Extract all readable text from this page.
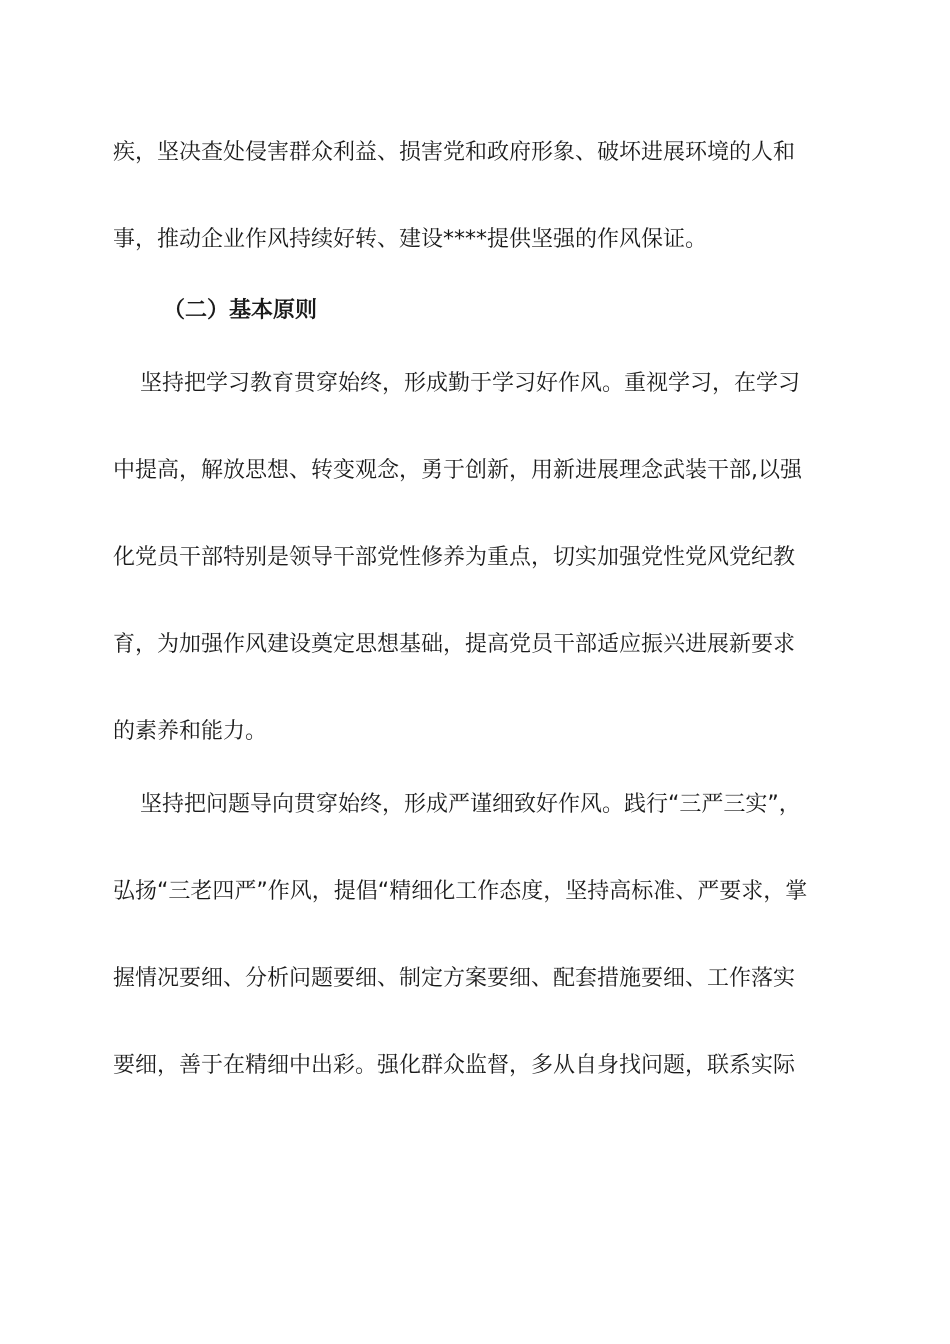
疾，坚决查处侵害群众利益、损害党和政府形象、破坏进展环境的人和
事，推动企业作风持续好转、建设****提供坚强的作风保证。
（二）基本原则
坚持把学习教育贯穿始终，形成勤于学习好作风。重视学习，在学习
中提高，解放思想、转变观念，勇于创新，用新进展理念武装干部,以强
化党员干部特别是领导干部党性修养为重点，切实加强党性党风党纪教
育，为加强作风建设奠定思想基础，提高党员干部适应振兴进展新要求
的素养和能力。
坚持把问题导向贯穿始终，形成严谨细致好作风。践行“三严三实”，
弘扬“三老四严”作风，提倡“精细化工作态度，坚持高标准、严要求，掌
握情况要细、分析问题要细、制定方案要细、配套措施要细、工作落实
要细，善于在精细中出彩。强化群众监督，多从自身找问题，联系实际
